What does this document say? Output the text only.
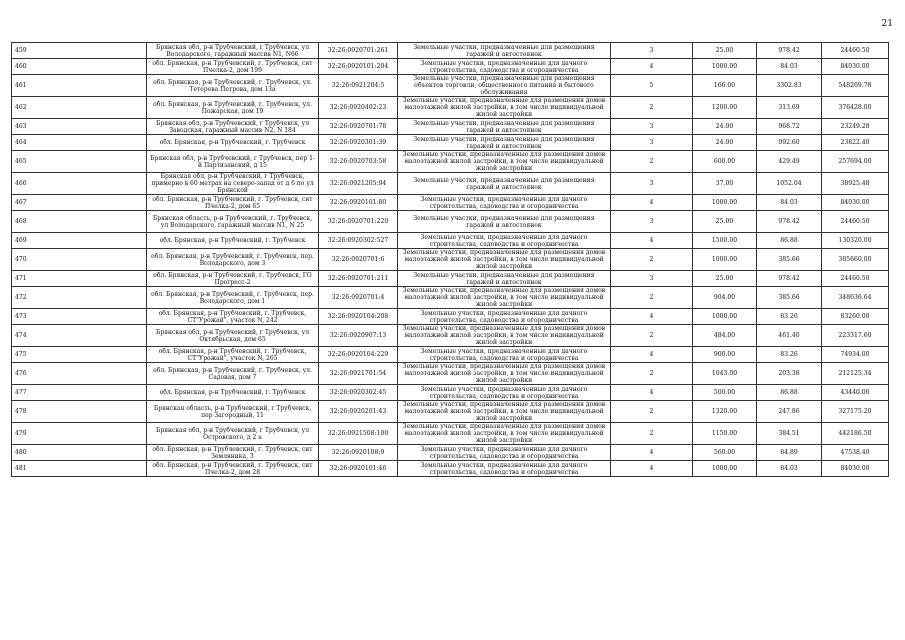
21
459	Брянская обл, р-н Трубчевский, г Трубчевск, ул Володарского, гаражный массив N1, N66	32:26:0920701:261	Земельные участки, предназначенные для размещения гаражей и автостоянок	3	25.00	978.42	24460.50
460	обл. Брянская, р-н Трубчевский, г. Трубчевск, снт Пчелка-2, дом 199	32:26:0920101:204	Земельные участки, предназначенные для дачного строительства, садоводства и огородничества	4	1000.00	84.03	84030.00
461	обл. Брянская, р-н Трубчевский, г. Трубчевск, ул. Тетерева Петрова, дом 13а	32:26:0921204:5	Земельные участки, предназначенные для размещения объектов торговли, общественного питания и бытового обслуживания	5	166.00	3302.83	548269.78
462	обл. Брянская, р-н Трубчевский, г. Трубчевск, ул. Пожарская, дом 19	32:26:0920402:23	Земельные участки, предназначенные для размещения домов малоэтажной жилой застройки, в том числе индивидуальной жилой застройки	2	1200.00	313.69	376428.00
463	Брянская обл, р-н Трубчевский, г Трубчевск, ул Заводская, гаражный массив N2, N 184	32:26:0920701:78	Земельные участки, предназначенные для размещения гаражей и автостоянок	3	24.00	968.72	23249.28
464	обл. Брянская, р-н Трубчевский, г. Трубчевск	32:26:0920301:39	Земельные участки, предназначенные для размещения гаражей и автостоянок	3	24.00	992.60	23822.40
465	Брянская обл, р-н Трубчевский, г Трубчевск, пер 1-й Партизанский, д 15	32:26:0920703:58	Земельные участки, предназначенные для размещения домов малоэтажной жилой застройки, в том числе индивидуальной жилой застройки	2	600.00	429.49	257694.00
466	Брянская обл, р-н Трубчевский, г Трубчевск, примерно в 60 метрах на северо-запад от д 6 по ул Брянской	32:26:0921205:94	Земельные участки, предназначенные для размещения гаражей и автостоянок	3	37.00	1052.04	38925.48
467	обл. Брянская, р-н Трубчевский, г. Трубчевск, снт Пчелка-2, дом 65	32:26:0920101:80	Земельные участки, предназначенные для дачного строительства, садоводства и огородничества	4	1000.00	84.03	84030.00
468	Брянская область, р-н Трубчевский, г. Трубчевск, ул Володарского, гаражный массив N1, N 25	32:26:0920701:220	Земельные участки, предназначенные для размещения гаражей и автостоянок	3	25.00	978.42	24460.50
469	обл. Брянская, р-н Трубчевский, г. Трубчевск	32:26:0920302:527	Земельные участки, предназначенные для дачного строительства, садоводства и огородничества	4	1500.00	86.88	130320.00
470	обл. Брянская, р-н Трубчевский, г. Трубчевск, пер. Володарского, дом 3	32:26:0920701:6	Земельные участки, предназначенные для размещения домов малоэтажной жилой застройки, в том числе индивидуальной жилой застройки	2	1000.00	385.66	385660.00
471	обл. Брянская, р-н Трубчевский, г. Трубчевск, ГО Прогресс-2	32:26:0920701:211	Земельные участки, предназначенные для размещения гаражей и автостоянок	3	25.00	978.42	24460.50
472	обл. Брянская, р-н Трубчевский, г. Трубчевск, пер. Володарского, дом 1	32:26:0920701:4	Земельные участки, предназначенные для размещения домов малоэтажной жилой застройки, в том числе индивидуальной жилой застройки	2	904.00	385.66	348636.64
473	обл. Брянская, р-н Трубчевский, г. Трубчевск, СТ"Урожай", участок N, 242	32:26:0920104:208	Земельные участки, предназначенные для дачного строительства, садоводства и огородничества	4	1000.00	83.26	83260.00
474	Брянская обл, р-н Трубчевский, г Трубчевск, ул Октябрьская, дом 65	32:26:0920907:13	Земельные участки, предназначенные для размещения домов малоэтажной жилой застройки, в том числе индивидуальной жилой застройки	2	484.00	461.40	223317.60
475	обл. Брянская, р-н Трубчевский, г. Трубчевск, СТ"Урожай", участок N, 265	32:26:0920104:229	Земельные участки, предназначенные для дачного строительства, садоводства и огородничества	4	900.00	83.26	74934.00
476	обл. Брянская, р-н Трубчевский, г. Трубчевск, ул. Садовая, дом 7	32:26:0921701:54	Земельные участки, предназначенные для размещения домов малоэтажной жилой застройки, в том числе индивидуальной жилой застройки	2	1043.00	203.38	212125.34
477	обл. Брянская, р-н Трубчевский, г. Трубчевск	32:26:0920302:45	Земельные участки, предназначенные для дачного строительства, садоводства и огородничества	4	500.00	86.88	43440.00
478	Брянская область, р-н Трубчевский, г Трубчевск, пер Загородный, 11	32:26:0920201:43	Земельные участки, предназначенные для размещения домов малоэтажной жилой застройки, в том числе индивидуальной жилой застройки	2	1320.00	247.86	327175.20
479	Брянская обл, р-н Трубчевский, г Трубчевск, ул Островского, д 2 а	32:26:0921508:100	Земельные участки, предназначенные для размещения домов малоэтажной жилой застройки, в том числе индивидуальной жилой застройки	2	1150.00	384.51	442186.50
480	обл. Брянская, р-н Трубчевский, г. Трубчевск, снт Земляника, 3	32:26:0920108:9	Земельные участки, предназначенные для дачного строительства, садоводства и огородничества	4	560.00	84.89	47538.40
481	обл. Брянская, р-н Трубчевский, г. Трубчевск, снт Пчелка-2, дом 28	32:26:0920101:46	Земельные участки, предназначенные для дачного строительства, садоводства и огородничества	4	1000.00	84.03	84030.00
